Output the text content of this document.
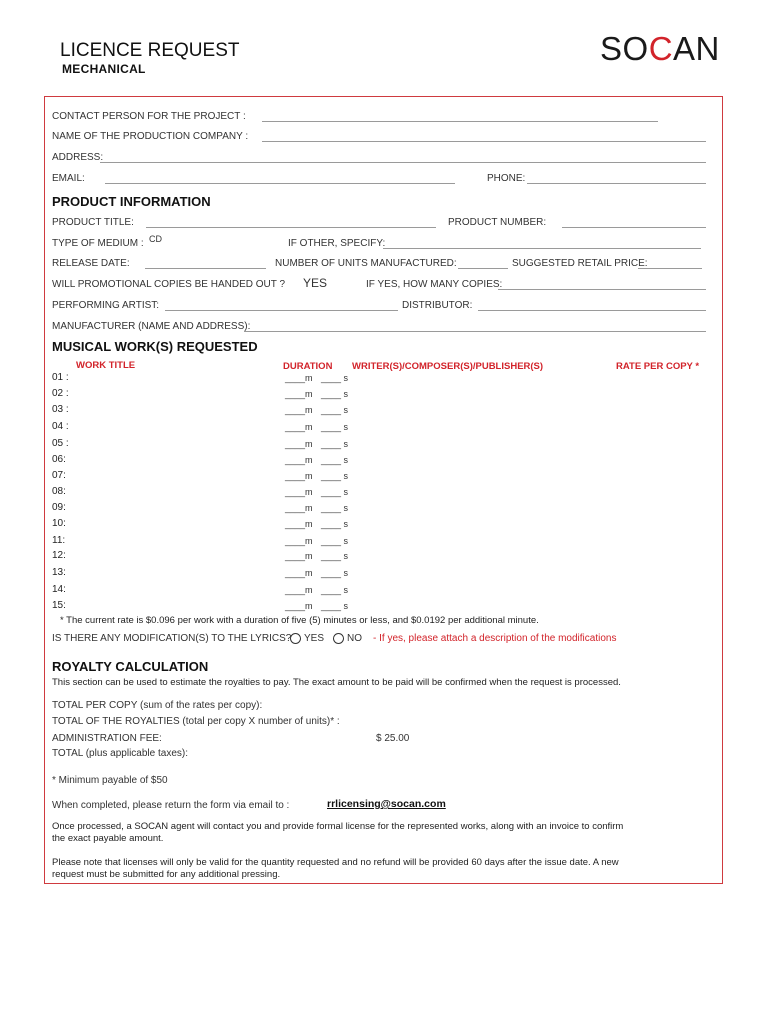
LICENCE REQUEST
MECHANICAL
SOCAN
CONTACT PERSON FOR THE PROJECT :
NAME OF THE PRODUCTION COMPANY :
ADDRESS:
EMAIL:	PHONE:
PRODUCT INFORMATION
PRODUCT TITLE:	PRODUCT NUMBER:
TYPE OF MEDIUM : CD	IF OTHER, SPECIFY:
RELEASE DATE:	NUMBER OF UNITS MANUFACTURED:	SUGGESTED RETAIL PRICE:
WILL PROMOTIONAL COPIES BE HANDED OUT ? YES	IF YES, HOW MANY COPIES:
PERFORMING ARTIST:	DISTRIBUTOR:
MANUFACTURER (NAME AND ADDRESS):
MUSICAL WORK(S) REQUESTED
WORK TITLE	DURATION WRITER(S)/COMPOSER(S)/PUBLISHER(S)	RATE PER COPY *
01 :	____m ____ s
02 :	____m ____ s
03 :	____m ____ s
04 :	____m ____ s
05 :	____m ____ s
06:	____m ____ s
07:	____m ____ s
08:	____m ____ s
09:	____m ____ s
10:	____m ____ s
11:	____m ____ s
12:	____m ____ s
13:	____m ____ s
14:	____m ____ s
15:	____m ____ s
* The current rate is $0.096 per work with a duration of five (5) minutes or less, and $0.0192 per additional minute.
IS THERE ANY MODIFICATION(S) TO THE LYRICS? YES NO - If yes, please attach a description of the modifications
ROYALTY CALCULATION
This section can be used to estimate the royalties to pay. The exact amount to be paid will be confirmed when the request is processed.
TOTAL PER COPY (sum of the rates per copy):
TOTAL OF THE ROYALTIES (total per copy X number of units)* :
ADMINISTRATION FEE:	$ 25.00
TOTAL (plus applicable taxes):
* Minimum payable of $50
When completed, please return the form via email to :	rrlicensing@socan.com
Once processed, a SOCAN agent will contact you and provide formal license for the represented works, along with an invoice to confirm
the exact payable amount.
Please note that licenses will only be valid for the quantity requested and no refund will be provided 60 days after the issue date. A new
request must be submitted for any additional pressing.
